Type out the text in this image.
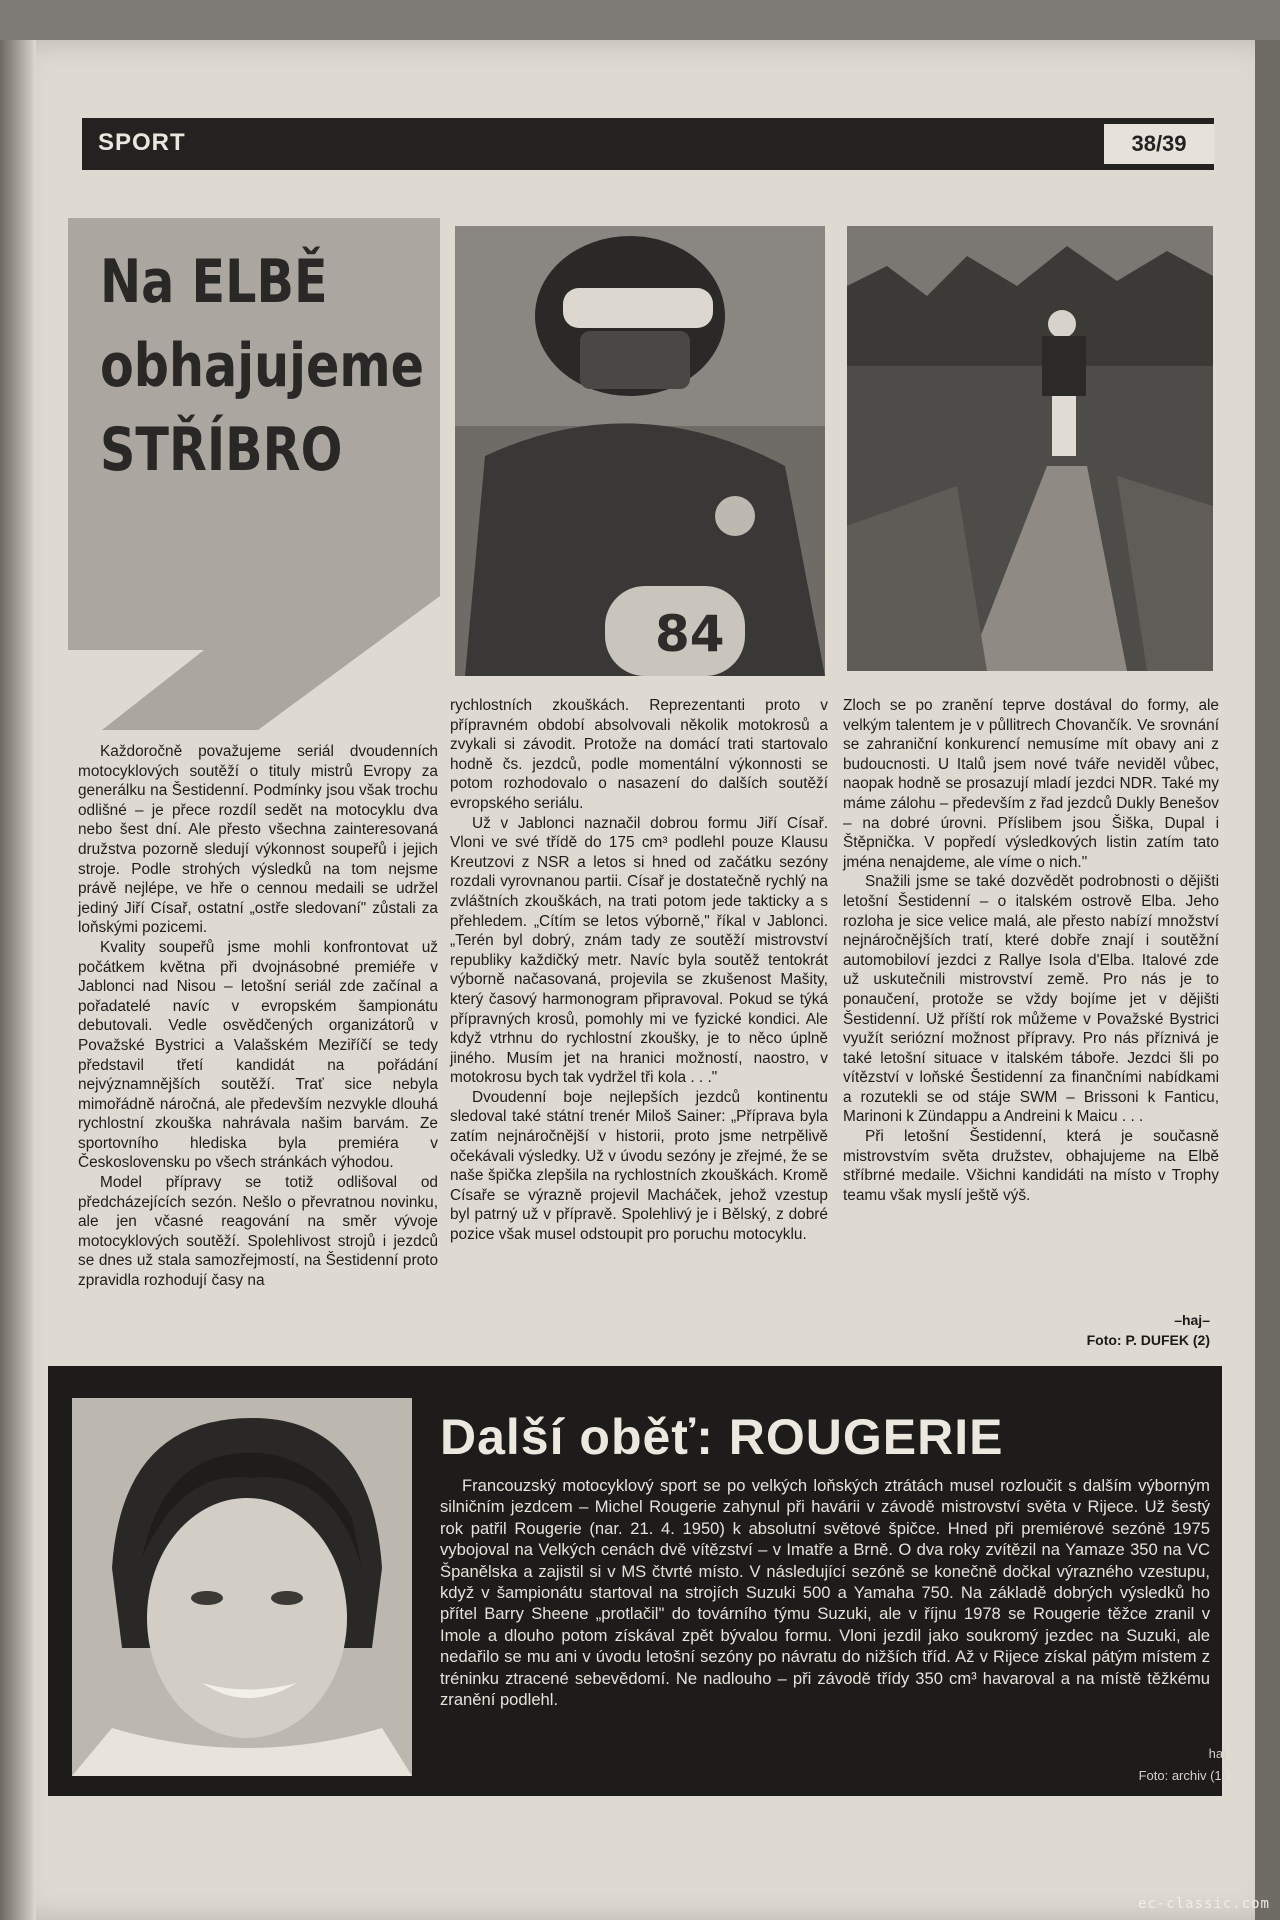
SPORT	38/39
Na ELBĚ
obhajujeme
STŘÍBRO
84

Každoročně považujeme seriál dvoudenních motocyklových soutěží o tituly mistrů Evropy za generálku na Šestidenní. Podmínky jsou však trochu odlišné – je přece rozdíl sedět na motocyklu dva nebo šest dní. Ale přesto všechna zainteresovaná družstva pozorně sledují výkonnost soupeřů i jejich stroje. Podle strohých výsledků na tom nejsme právě nejlépe, ve hře o cennou medaili se udržel jediný Jiří Císař, ostatní „ostře sledovaní" zůstali za loňskými pozicemi.

Kvality soupeřů jsme mohli konfrontovat už počátkem května při dvojnásobné premiéře v Jablonci nad Nisou – letošní seriál zde začínal a pořadatelé navíc v evropském šampionátu debutovali. Vedle osvědčených organizátorů v Považské Bystrici a Valašském Meziříčí se tedy představil třetí kandidát na pořádání nejvýznamnějších soutěží. Trať sice nebyla mimořádně náročná, ale především nezvykle dlouhá rychlostní zkouška nahrávala našim barvám. Ze sportovního hlediska byla premiéra v Československu po všech stránkách výhodou.

Model přípravy se totiž odlišoval od předcházejících sezón. Nešlo o převratnou novinku, ale jen včasné reagování na směr vývoje motocyklových soutěží. Spolehlivost strojů i jezdců se dnes už stala samozřejmostí, na Šestidenní proto zpravidla rozhodují časy na

rychlostních zkouškách. Reprezentanti proto v přípravném období absolvovali několik motokrosů a zvykali si závodit. Protože na domácí trati startovalo hodně čs. jezdců, podle momentální výkonnosti se potom rozhodovalo o nasazení do dalších soutěží evropského seriálu.

Už v Jablonci naznačil dobrou formu Jiří Císař. Vloni ve své třídě do 175 cm³ podlehl pouze Klausu Kreutzovi z NSR a letos si hned od začátku sezóny rozdali vyrovnanou partii. Císař je dostatečně rychlý na zvláštních zkouškách, na trati potom jede takticky a s přehledem. „Cítím se letos výborně," říkal v Jablonci. „Terén byl dobrý, znám tady ze soutěží mistrovství republiky každičký metr. Navíc byla soutěž tentokrát výborně načasovaná, projevila se zkušenost Mašity, který časový harmonogram připravoval. Pokud se týká přípravných krosů, pomohly mi ve fyzické kondici. Ale když vtrhnu do rychlostní zkoušky, je to něco úplně jiného. Musím jet na hranici možností, naostro, v motokrosu bych tak vydržel tři kola . . ."

Dvoudenní boje nejlepších jezdců kontinentu sledoval také státní trenér Miloš Sainer: „Příprava byla zatím nejnáročnější v historii, proto jsme netrpělivě očekávali výsledky. Už v úvodu sezóny je zřejmé, že se naše špička zlepšila na rychlostních zkouškách. Kromě Císaře se výrazně projevil Macháček, jehož vzestup byl patrný už v přípravě. Spolehlivý je i Bělský, z dobré pozice však musel odstoupit pro poruchu motocyklu.

Zloch se po zranění teprve dostával do formy, ale velkým talentem je v půllitrech Chovančík. Ve srovnání se zahraniční konkurencí nemusíme mít obavy ani z budoucnosti. U Italů jsem nové tváře neviděl vůbec, naopak hodně se prosazují mladí jezdci NDR. Také my máme zálohu – především z řad jezdců Dukly Benešov – na dobré úrovni. Příslibem jsou Šiška, Dupal i Štěpnička. V popředí výsledkových listin zatím tato jména nenajdeme, ale víme o nich."

Snažili jsme se také dozvědět podrobnosti o dějišti letošní Šestidenní – o italském ostrově Elba. Jeho rozloha je sice velice malá, ale přesto nabízí množství nejnáročnějších tratí, které dobře znají i soutěžní automobiloví jezdci z Rallye Isola d'Elba. Italové zde už uskutečnili mistrovství země. Pro nás je to ponaučení, protože se vždy bojíme jet v dějišti Šestidenní. Už příští rok můžeme v Považské Bystrici využít seriózní možnost přípravy. Pro nás příznivá je také letošní situace v italském táboře. Jezdci šli po vítězství v loňské Šestidenní za finančními nabídkami a rozutekli se od stáje SWM – Brissoni k Fanticu, Marinoni k Zündappu a Andreini k Maicu . . .

Při letošní Šestidenní, která je současně mistrovstvím světa družstev, obhajujeme na Elbě stříbrné medaile. Všichni kandidáti na místo v Trophy teamu však myslí ještě výš.

–haj–
Foto: P. DUFEK (2)
Další oběť: ROUGERIE

Francouzský motocyklový sport se po velkých loňských ztrátách musel rozloučit s dalším výborným silničním jezdcem – Michel Rougerie zahynul při havárii v závodě mistrovství světa v Rijece. Už šestý rok patřil Rougerie (nar. 21. 4. 1950) k absolutní světové špičce. Hned při premiérové sezóně 1975 vybojoval na Velkých cenách dvě vítězství – v Imatře a Brně. O dva roky zvítězil na Yamaze 350 na VC Španělska a zajistil si v MS čtvrté místo. V následující sezóně se konečně dočkal výrazného vzestupu, když v šampionátu startoval na strojích Suzuki 500 a Yamaha 750. Na základě dobrých výsledků ho přítel Barry Sheene „protlačil" do továrního týmu Suzuki, ale v říjnu 1978 se Rougerie těžce zranil v Imole a dlouho potom získával zpět bývalou formu. Vloni jezdil jako soukromý jezdec na Suzuki, ale nedařilo se mu ani v úvodu letošní sezóny po návratu do nižších tříd. Až v Rijece získal pátým místem z tréninku ztracené sebevědomí. Ne nadlouho – při závodě třídy 350 cm³ havaroval a na místě těžkému zranění podlehl.

haj
Foto: archiv (1)
ec-classic.com
